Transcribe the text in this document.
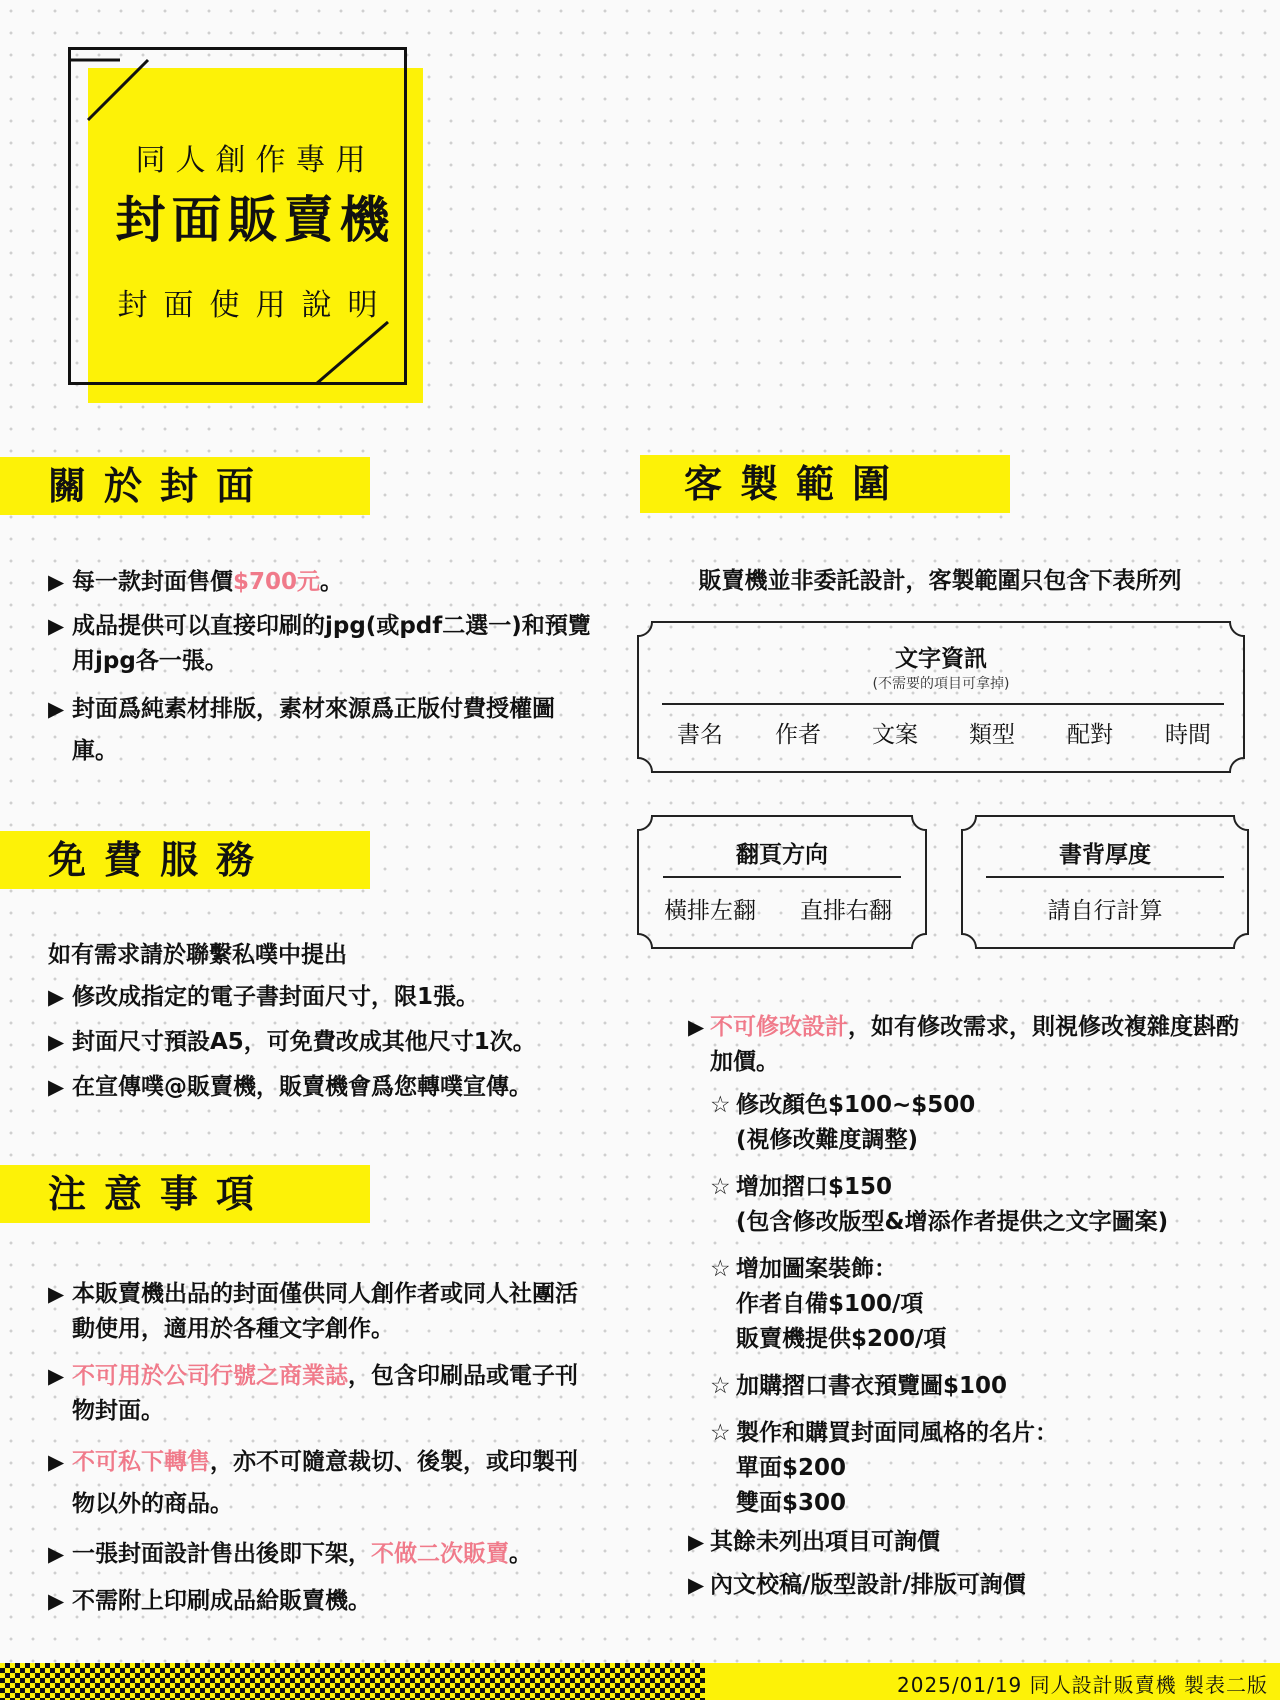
同人創作專用
封面販賣機
封面使用說明
關於封面
▶ 每一款封面售價$700元。
▶ 成品提供可以直接印刷的jpg(或pdf二選一)和預覽用jpg各一張。
▶ 封面爲純素材排版，素材來源爲正版付費授權圖庫。
免費服務
如有需求請於聯繫私噗中提出
▶ 修改成指定的電子書封面尺寸，限1張。
▶ 封面尺寸預設A5，可免費改成其他尺寸1次。
▶ 在宣傳噗@販賣機，販賣機會爲您轉噗宣傳。
注意事項
▶ 本販賣機出品的封面僅供同人創作者或同人社團活動使用，適用於各種文字創作。
▶ 不可用於公司行號之商業誌，包含印刷品或電子刊物封面。
▶ 不可私下轉售，亦不可隨意裁切、後製，或印製刊物以外的商品。
▶ 一張封面設計售出後即下架，不做二次販賣。
▶ 不需附上印刷成品給販賣機。
客製範圍
販賣機並非委託設計，客製範圍只包含下表所列
文字資訊
(不需要的項目可拿掉)
書名 作者 文案 類型 配對 時間
翻頁方向
橫排左翻 直排右翻
書背厚度
請自行計算
▶ 不可修改設計，如有修改需求，則視修改複雜度斟酌加價。
☆ 修改顏色$100~$500
(視修改難度調整)
☆ 增加摺口$150
(包含修改版型&增添作者提供之文字圖案)
☆ 增加圖案裝飾：
作者自備$100/項
販賣機提供$200/項
☆ 加購摺口書衣預覽圖$100
☆ 製作和購買封面同風格的名片：
單面$200
雙面$300
▶ 其餘未列出項目可詢價
▶ 內文校稿/版型設計/排版可詢價
2025/01/19 同人設計販賣機 製表二版
